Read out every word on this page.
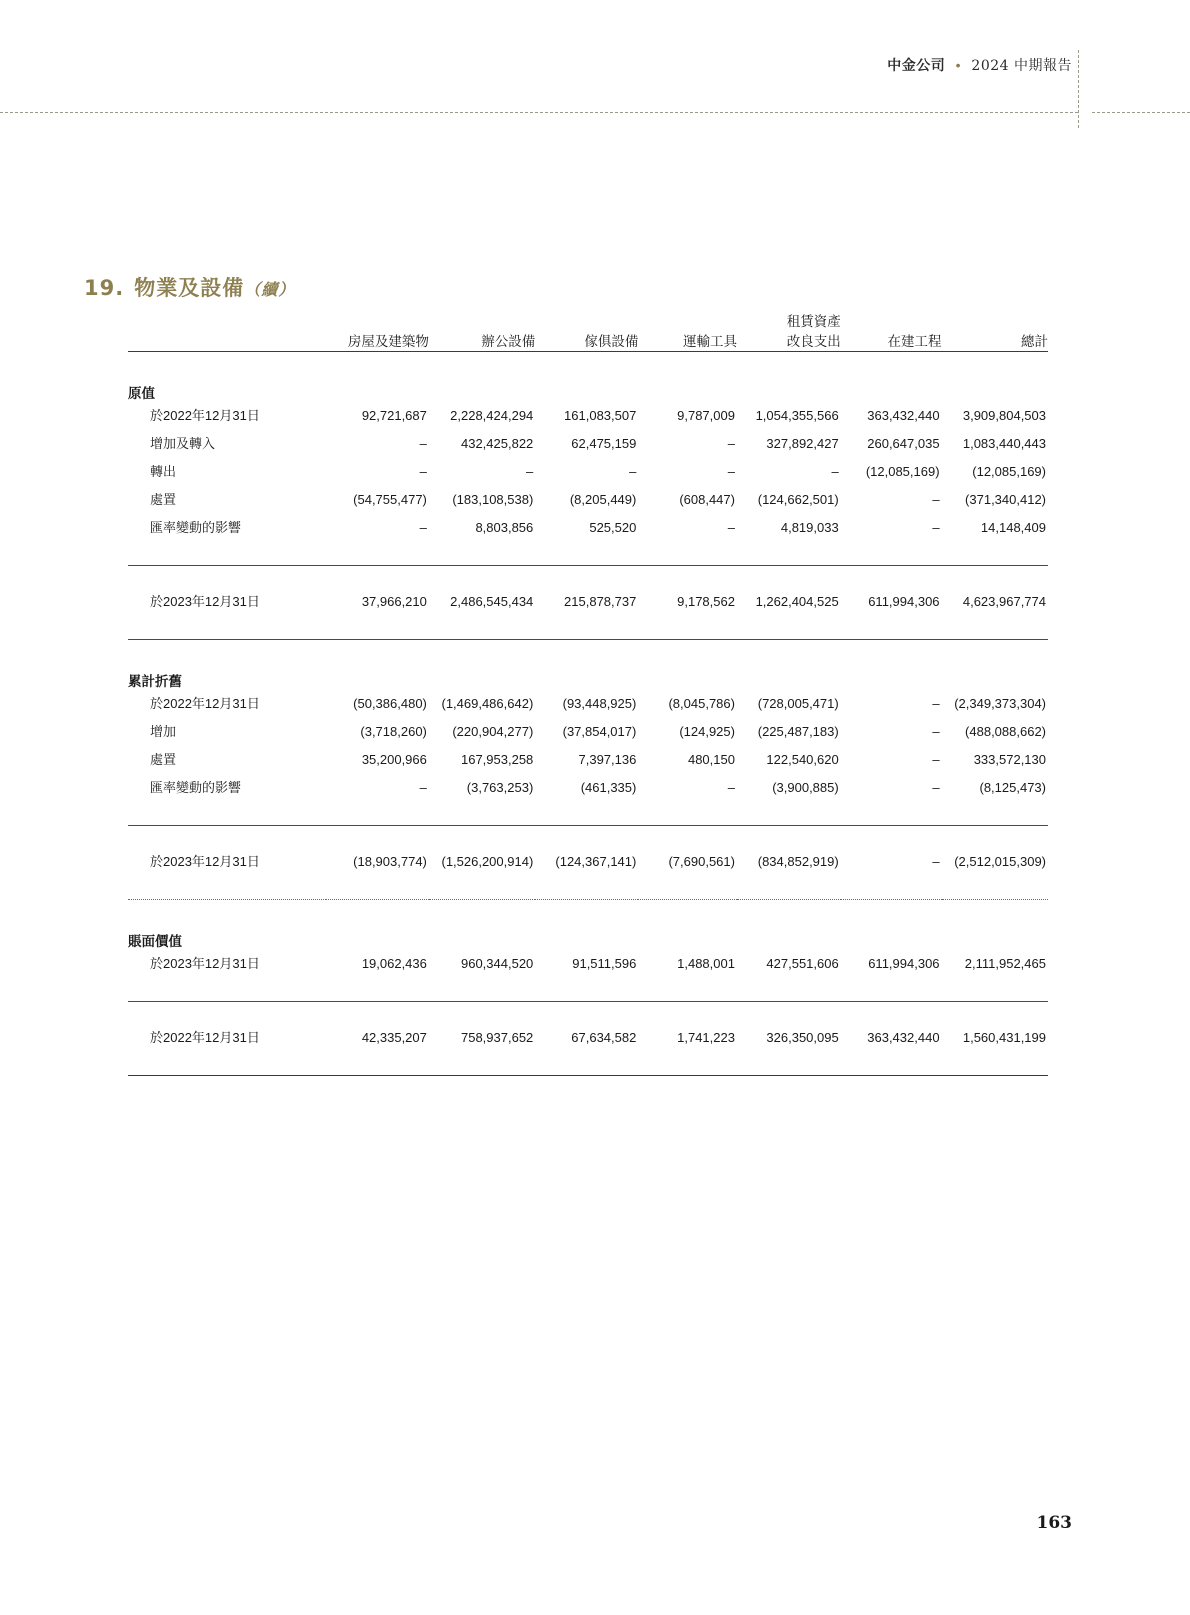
中金公司 • 2024 中期報告
19. 物業及設備（續）
					租賃資產		
	房屋及建築物	辦公設備	傢俱設備	運輸工具	改良支出	在建工程	總計

原值							
於2022年12月31日	92,721,687	2,228,424,294	161,083,507	9,787,009	1,054,355,566	363,432,440	3,909,804,503
增加及轉入	–	432,425,822	62,475,159	–	327,892,427	260,647,035	1,083,440,443
轉出	–	–	–	–	–	(12,085,169)	(12,085,169)
處置	(54,755,477)	(183,108,538)	(8,205,449)	(608,447)	(124,662,501)	–	(371,340,412)
匯率變動的影響	–	8,803,856	525,520	–	4,819,033	–	14,148,409

於2023年12月31日	37,966,210	2,486,545,434	215,878,737	9,178,562	1,262,404,525	611,994,306	4,623,967,774

累計折舊							
於2022年12月31日	(50,386,480)	(1,469,486,642)	(93,448,925)	(8,045,786)	(728,005,471)	–	(2,349,373,304)
增加	(3,718,260)	(220,904,277)	(37,854,017)	(124,925)	(225,487,183)	–	(488,088,662)
處置	35,200,966	167,953,258	7,397,136	480,150	122,540,620	–	333,572,130
匯率變動的影響	–	(3,763,253)	(461,335)	–	(3,900,885)	–	(8,125,473)

於2023年12月31日	(18,903,774)	(1,526,200,914)	(124,367,141)	(7,690,561)	(834,852,919)	–	(2,512,015,309)

賬面價值							
於2023年12月31日	19,062,436	960,344,520	91,511,596	1,488,001	427,551,606	611,994,306	2,111,952,465

於2022年12月31日	42,335,207	758,937,652	67,634,582	1,741,223	326,350,095	363,432,440	1,560,431,199

163
